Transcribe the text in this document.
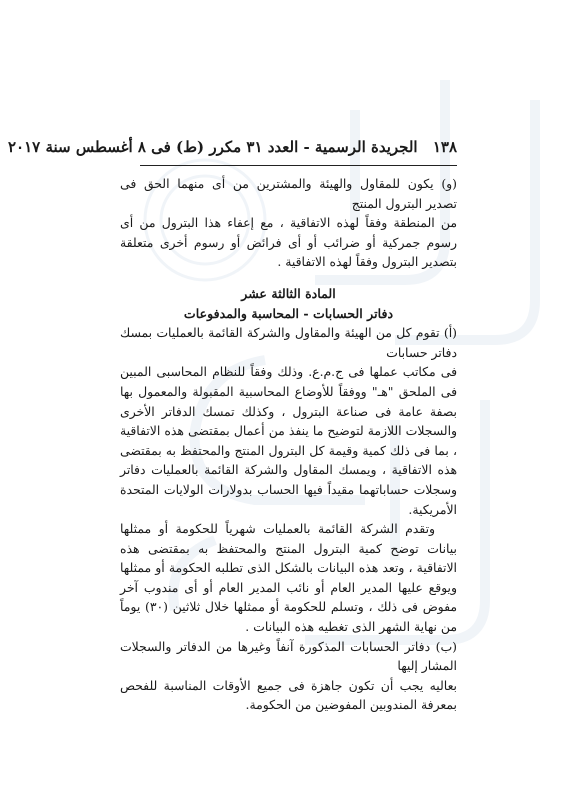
١٣٨ الجريدة الرسمية - العدد ٣١ مكرر (ط) فى ٨ أغسطس سنة ٢٠١٧

(و) يكون للمقاول والهيئة والمشترين من أى منهما الحق فى تصدير البترول المنتج

من المنطقة وفقاً لهذه الاتفاقية ، مع إعفاء هذا البترول من أى رسوم جمركية أو ضرائب أو أى فرائض أو رسوم أخرى متعلقة بتصدير البترول وفقاً لهذه الاتفاقية .

المادة الثالثة عشر

دفاتر الحسابات - المحاسبة والمدفوعات

(أ) تقوم كل من الهيئة والمقاول والشركة القائمة بالعمليات بمسك دفاتر حسابات

فى مكاتب عملها فى ج.م.ع. وذلك وفقاً للنظام المحاسبى المبين فى الملحق "هـ" ووفقاً للأوضاع المحاسبية المقبولة والمعمول بها بصفة عامة فى صناعة البترول ، وكذلك تمسك الدفاتر الأخرى والسجلات اللازمة لتوضيح ما ينفذ من أعمال بمقتضى هذه الاتفاقية ، بما فى ذلك كمية وقيمة كل البترول المنتج والمحتفظ به بمقتضى هذه الاتفاقية ، ويمسك المقاول والشركة القائمة بالعمليات دفاتر وسجلات حساباتهما مقيداً فيها الحساب بدولارات الولايات المتحدة الأمريكية.

وتقدم الشركة القائمة بالعمليات شهرياً للحكومة أو ممثلها بيانات توضح كمية البترول المنتج والمحتفظ به بمقتضى هذه الاتفاقية ، وتعد هذه البيانات بالشكل الذى تطلبه الحكومة أو ممثلها ويوقع عليها المدير العام أو نائب المدير العام أو أى مندوب آخر مفوض فى ذلك ، وتسلم للحكومة أو ممثلها خلال ثلاثين (٣٠) يوماً من نهاية الشهر الذى تغطيه هذه البيانات .

(ب) دفاتر الحسابات المذكورة آنفاً وغيرها من الدفاتر والسجلات المشار إليها

بعاليه يجب أن تكون جاهزة فى جميع الأوقات المناسبة للفحص بمعرفة المندوبين المفوضين من الحكومة.
